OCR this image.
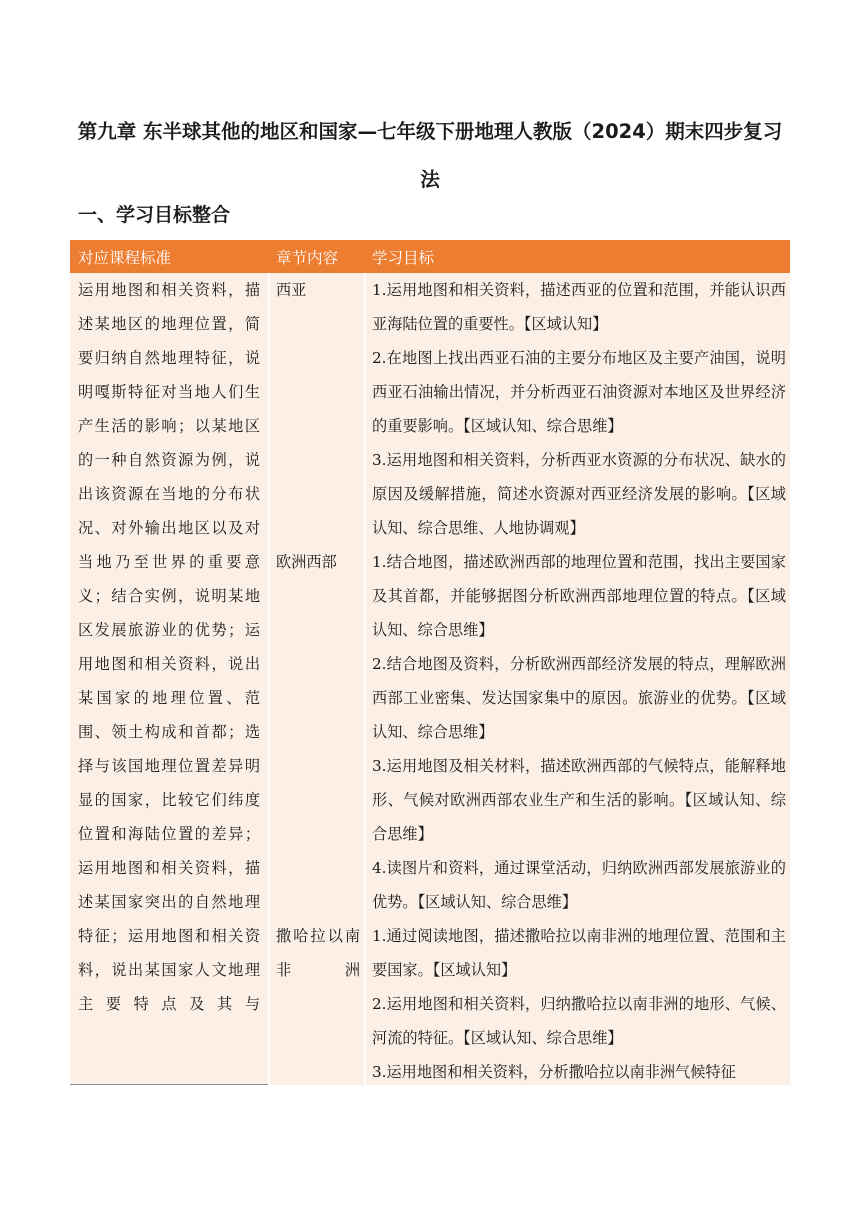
第九章 东半球其他的地区和国家—七年级下册地理人教版（2024）期末四步复习法
一、学习目标整合
对应课程标准	章节内容 学习目标

运用地图和相关资料，描述某地区的地理位置，简要归纳自然地理特征，说明嘎斯特征对当地人们生产生活的影响；以某地区的一种自然资源为例，说出该资源在当地的分布状况、对外输出地区以及对当地乃至世界的重要意义；结合实例，说明某地区发展旅游业的优势；运用地图和相关资料，说出某国家的地理位置、范围、领土构成和首都；选择与该国地理位置差异明显的国家，比较它们纬度位置和海陆位置的差异；运用地图和相关资料，描述某国家突出的自然地理特征；运用地图和相关资料，说出某国家人文地理主要特点及其与

西亚

欧洲西部

撒哈拉以南非洲

1.运用地图和相关资料，描述西亚的位置和范围，并能认识西亚海陆位置的重要性。【区域认知】

2.在地图上找出西亚石油的主要分布地区及主要产油国，说明西亚石油输出情况，并分析西亚石油资源对本地区及世界经济的重要影响。【区域认知、综合思维】

3.运用地图和相关资料，分析西亚水资源的分布状况、缺水的原因及缓解措施，简述水资源对西亚经济发展的影响。【区域认知、综合思维、人地协调观】

1.结合地图，描述欧洲西部的地理位置和范围，找出主要国家及其首都，并能够据图分析欧洲西部地理位置的特点。【区域认知、综合思维】

2.结合地图及资料，分析欧洲西部经济发展的特点，理解欧洲西部工业密集、发达国家集中的原因。旅游业的优势。【区域认知、综合思维】

3.运用地图及相关材料，描述欧洲西部的气候特点，能解释地形、气候对欧洲西部农业生产和生活的影响。【区域认知、综合思维】

4.读图片和资料，通过课堂活动，归纳欧洲西部发展旅游业的优势。【区域认知、综合思维】

1.通过阅读地图，描述撒哈拉以南非洲的地理位置、范围和主要国家。【区域认知】

2.运用地图和相关资料，归纳撒哈拉以南非洲的地形、气候、河流的特征。【区域认知、综合思维】

3.运用地图和相关资料，分析撒哈拉以南非洲气候特征
